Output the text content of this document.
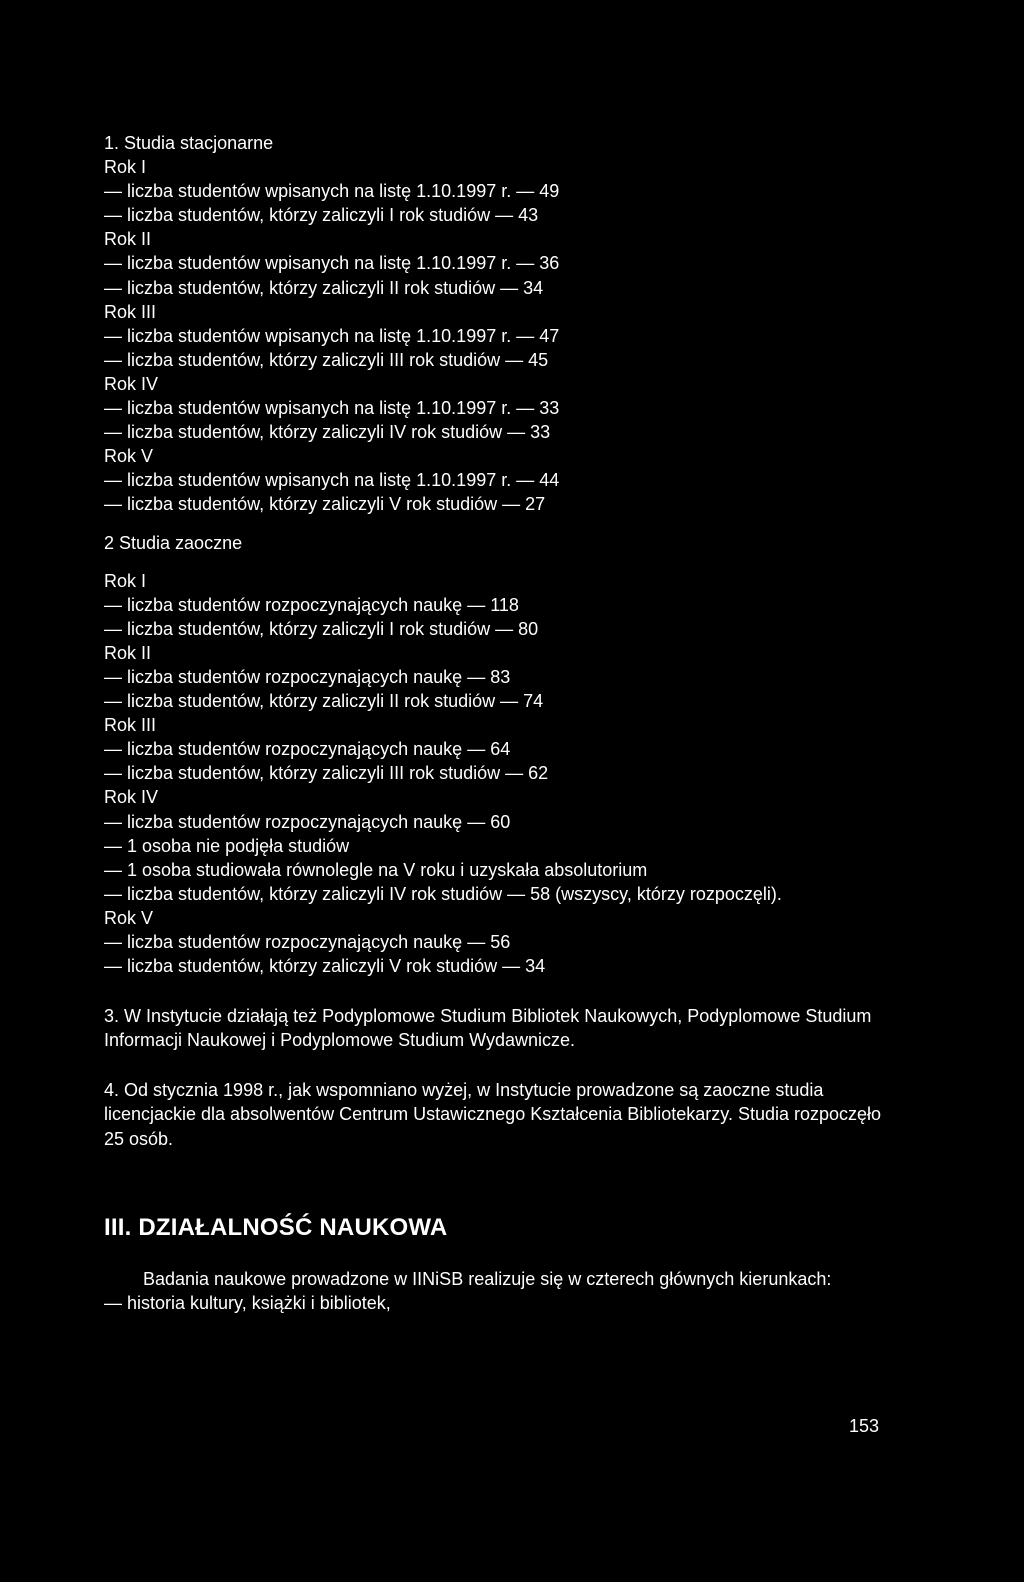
1. Studia stacjonarne
Rok I
— liczba studentów wpisanych na listę 1.10.1997 r. — 49
— liczba studentów, którzy zaliczyli I rok studiów — 43
Rok II
— liczba studentów wpisanych na listę 1.10.1997 r. — 36
— liczba studentów, którzy zaliczyli II rok studiów — 34
Rok III
— liczba studentów wpisanych na listę 1.10.1997 r. — 47
— liczba studentów, którzy zaliczyli III rok studiów — 45
Rok IV
— liczba studentów wpisanych na listę 1.10.1997 r. — 33
— liczba studentów, którzy zaliczyli IV rok studiów — 33
Rok V
— liczba studentów wpisanych na listę 1.10.1997 r. — 44
— liczba studentów, którzy zaliczyli V rok studiów — 27
2 Studia zaoczne
Rok I
— liczba studentów rozpoczynających naukę — 118
— liczba studentów, którzy zaliczyli I rok studiów — 80
Rok II
— liczba studentów rozpoczynających naukę — 83
— liczba studentów, którzy zaliczyli II rok studiów — 74
Rok III
— liczba studentów rozpoczynających naukę — 64
— liczba studentów, którzy zaliczyli III rok studiów — 62
Rok IV
— liczba studentów rozpoczynających naukę — 60
— 1 osoba nie podjęła studiów
— 1 osoba studiowała równolegle na V roku i uzyskała absolutorium
— liczba studentów, którzy zaliczyli IV rok studiów — 58 (wszyscy, którzy rozpoczęli).
Rok V
— liczba studentów rozpoczynających naukę — 56
— liczba studentów, którzy zaliczyli V rok studiów — 34
3. W Instytucie działają też Podyplomowe Studium Bibliotek Naukowych, Podyplomowe Studium Informacji Naukowej i Podyplomowe Studium Wydawnicze.
4. Od stycznia 1998 r., jak wspomniano wyżej, w Instytucie prowadzone są zaoczne studia licencjackie dla absolwentów Centrum Ustawicznego Kształcenia Bibliotekarzy. Studia rozpoczęło 25 osób.
III. DZIAŁALNOŚĆ NAUKOWA
Badania naukowe prowadzone w IINiSB realizuje się w czterech głównych kierunkach:
— historia kultury, książki i bibliotek,
153
